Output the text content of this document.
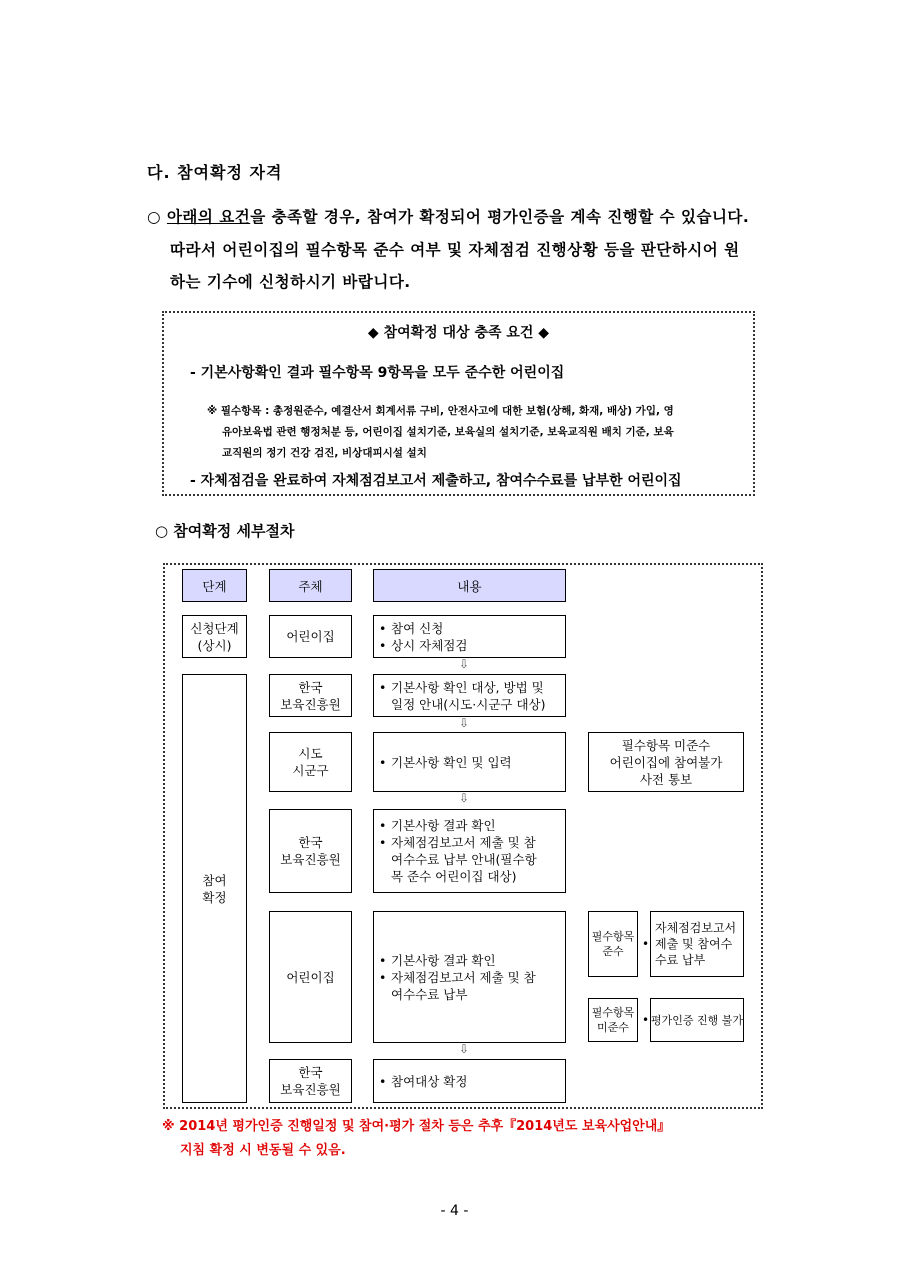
다. 참여확정 자격
○ 아래의 요건을 충족할 경우, 참여가 확정되어 평가인증을 계속 진행할 수 있습니다.
따라서 어린이집의 필수항목 준수 여부 및 자체점검 진행상황 등을 판단하시어 원
하는 기수에 신청하시기 바랍니다.
◆ 참여확정 대상 충족 요건 ◆
- 기본사항확인 결과 필수항목 9항목을 모두 준수한 어린이집
※ 필수항목 : 총정원준수, 예결산서 회계서류 구비, 안전사고에 대한 보험(상해, 화재, 배상) 가입, 영
유아보육법 관련 행정처분 등, 어린이집 설치기준, 보육실의 설치기준, 보육교직원 배치 기준, 보육
교직원의 정기 건강 검진, 비상대피시설 설치
- 자체점검을 완료하여 자체점검보고서 제출하고, 참여수수료를 납부한 어린이집
○ 참여확정 세부절차
단계	주체	내용
신청단계
(상시)
참여
확정
어린이집
• 참여 신청
• 상시 자체점검
⇩
한국
보육진흥원
• 기본사항 확인 대상, 방법 및
일정 안내(시도·시군구 대상)
⇩
시도
시군구
• 기본사항 확인 및 입력
필수항목 미준수
어린이집에 참여불가
사전 통보
⇩
한국
보육진흥원
• 기본사항 결과 확인
• 자체점검보고서 제출 및 참
여수수료 납부 안내(필수항
목 준수 어린이집 대상)
어린이집
• 기본사항 결과 확인
• 자체점검보고서 제출 및 참
여수수료 납부
필수항목
준수
•
자체점검보고서
제출 및 참여수
수료 납부
필수항목
미준수
• 평가인증 진행 불가
⇩
한국
보육진흥원
• 참여대상 확정
※ 2014년 평가인증 진행일정 및 참여·평가 절차 등은 추후『2014년도 보육사업안내』
지침 확정 시 변동될 수 있음.
- 4 -
